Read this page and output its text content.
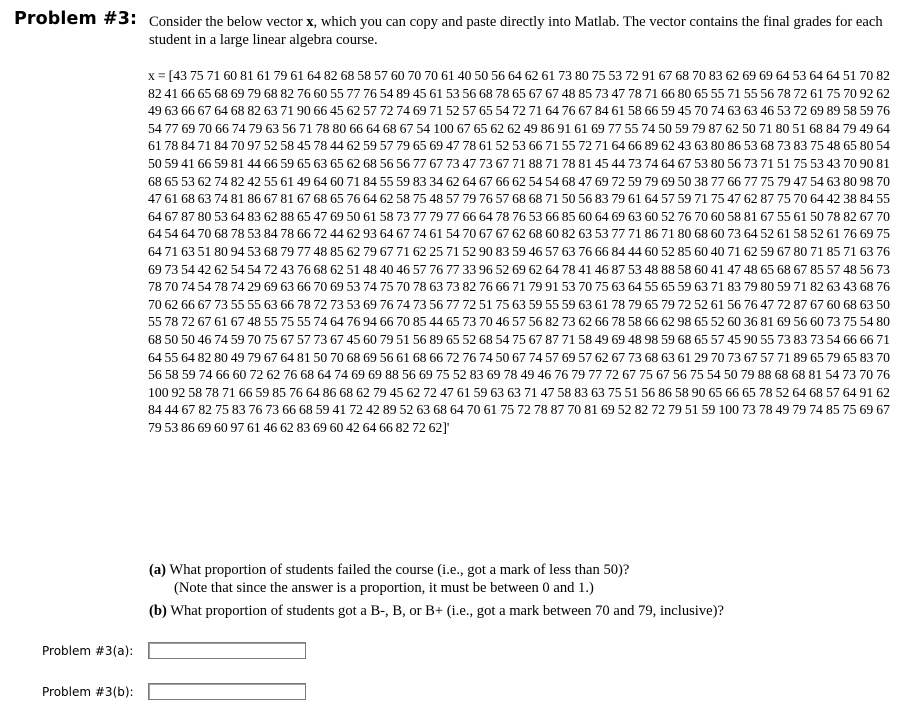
Problem #3: Consider the below vector x, which you can copy and paste directly into Matlab. The vector contains the final grades for each student in a large linear algebra course.
x = [43 75 71 60 81 61 79 61 64 82 68 58 57 60 70 70 61 40 50 56 64 62 61 73 80 75 53 72 91 67 68 70 83 62 69 69 64 53 64 64 51 70 82 82 41 66 65 68 69 79 68 82 76 60 55 77 76 54 89 45 61 53 56 68 78 65 67 67 48 85 73 47 78 71 66 80 65 55 71 55 56 78 72 61 75 70 92 62 49 63 66 67 64 68 82 63 71 90 66 45 62 57 72 74 69 71 52 57 65 54 72 71 64 76 67 84 61 58 66 59 45 70 74 63 63 46 53 72 69 89 58 59 76 54 77 69 70 66 74 79 63 56 71 78 80 66 64 68 67 54 100 67 65 62 62 49 86 91 61 69 77 55 74 50 59 79 87 62 50 71 80 51 68 84 79 49 64 61 78 84 71 84 70 97 52 58 45 78 44 62 59 57 79 65 69 47 78 61 52 53 66 71 55 72 71 64 66 89 62 43 63 80 86 53 68 73 83 75 48 65 80 54 50 59 41 66 59 81 44 66 59 65 63 65 62 68 56 56 77 67 73 47 73 67 71 88 71 78 81 45 44 73 74 64 67 53 80 56 73 71 51 75 53 43 70 90 81 68 65 53 62 74 82 42 55 61 49 64 60 71 84 55 59 83 34 62 64 67 66 62 54 54 68 47 69 72 59 79 69 50 38 77 66 77 75 79 47 54 63 80 98 70 47 61 68 63 74 81 86 67 81 67 68 65 76 64 62 58 75 48 57 79 76 57 68 68 71 50 56 83 79 61 64 57 59 71 75 47 62 87 75 70 64 42 38 84 55 64 67 87 80 53 64 83 62 88 65 47 69 50 61 58 73 77 79 77 66 64 78 76 53 66 85 60 64 69 63 60 52 76 70 60 58 81 67 55 61 50 78 82 67 70 64 54 64 70 68 78 53 84 78 66 72 44 62 93 64 67 74 61 54 70 67 67 62 68 60 82 63 53 77 71 86 71 80 68 60 73 64 52 61 58 52 61 76 69 75 64 71 63 51 80 94 53 68 79 77 48 85 62 79 67 71 62 25 71 52 90 83 59 46 57 63 76 66 84 44 60 52 85 60 40 71 62 59 67 80 71 85 71 63 76 69 73 54 42 62 54 54 72 43 76 68 62 51 48 40 46 57 76 77 33 96 52 69 62 64 78 41 46 87 53 48 88 58 60 41 47 48 65 68 67 85 57 48 56 73 78 70 74 54 78 74 29 69 63 66 70 69 53 74 75 70 78 63 73 82 76 66 71 79 91 53 70 75 63 64 55 65 59 63 71 83 79 80 59 71 82 63 43 68 76 70 62 66 67 73 55 55 63 66 78 72 73 53 69 76 74 73 56 77 72 51 75 63 59 55 59 63 61 78 79 65 79 72 52 61 56 76 47 72 87 67 60 68 63 50 55 78 72 67 61 67 48 55 75 55 74 64 76 94 66 70 85 44 65 73 70 46 57 56 82 73 62 66 78 58 66 62 98 65 52 60 36 81 69 56 60 73 75 54 80 68 50 50 46 74 59 70 75 67 57 73 67 45 60 79 51 56 89 65 52 68 54 75 67 87 71 58 49 69 48 98 59 68 65 57 45 90 55 73 83 73 54 66 66 71 64 55 64 82 80 49 79 67 64 81 50 70 68 69 56 61 68 66 72 76 74 50 67 74 57 69 57 62 67 73 68 63 61 29 70 73 67 57 71 89 65 79 65 83 70 56 58 59 74 66 60 72 62 76 68 64 74 69 69 88 56 69 75 52 83 69 78 49 46 76 79 77 72 67 75 67 56 75 54 50 79 88 68 68 81 54 73 70 76 100 92 58 78 71 66 59 85 76 64 86 68 62 79 45 62 72 47 61 59 63 63 71 47 58 83 63 75 51 56 86 58 90 65 66 65 78 52 64 68 57 64 91 62 84 44 67 82 75 83 76 73 66 68 59 41 72 42 89 52 63 68 64 70 61 75 72 78 87 70 81 69 52 82 72 79 51 59 100 73 78 49 79 74 85 75 69 67 79 53 86 69 60 97 61 46 62 83 69 60 42 64 66 82 72 62]'
(a) What proportion of students failed the course (i.e., got a mark of less than 50)?
(Note that since the answer is a proportion, it must be between 0 and 1.)
(b) What proportion of students got a B-, B, or B+ (i.e., got a mark between 70 and 79, inclusive)?
Problem #3(a):
Problem #3(b):
